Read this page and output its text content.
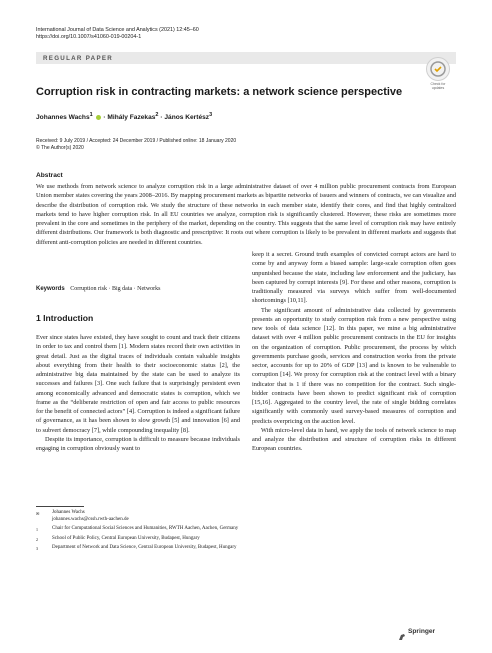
International Journal of Data Science and Analytics (2021) 12:45–60
https://doi.org/10.1007/s41060-019-00204-1
REGULAR PAPER
Check for updates
Corruption risk in contracting markets: a network science perspective
Johannes Wachs$^1$  · Mihály Fazekas$^2$ · János Kertész$^3$
Received: 9 July 2019 / Accepted: 24 December 2019 / Published online: 18 January 2020
© The Author(s) 2020
Abstract
We use methods from network science to analyze corruption risk in a large administrative dataset of over 4 million public procurement contracts from European Union member states covering the years 2008–2016. By mapping procurement markets as bipartite networks of issuers and winners of contracts, we can visualize and describe the distribution of corruption risk. We study the structure of these networks in each member state, identify their cores, and find that highly centralized markets tend to have higher corruption risk. In all EU countries we analyze, corruption risk is significantly clustered. However, these risks are sometimes more prevalent in the core and sometimes in the periphery of the market, depending on the country. This suggests that the same level of corruption risk may have entirely different distributions. Our framework is both diagnostic and prescriptive: It roots out where corruption is likely to be prevalent in different markets and suggests that different anti-corruption policies are needed in different countries.
Keywords Corruption risk · Big data · Networks
1 Introduction

Ever since states have existed, they have sought to count and track their citizens in order to tax and control them [1]. Modern states record their own activities in great detail. Just as the digital traces of individuals contain valuable insights about everything from their health to their socioeconomic status [2], the administrative big data maintained by the state can be used to analyze its successes and failures [3]. One such failure that is surprisingly persistent even among economically advanced and democratic states is corruption, which we frame as the “deliberate restriction of open and fair access to public resources for the benefit of connected actors” [4]. Corruption is indeed a significant failure of governance, as it has been shown to slow growth [5] and innovation [6] and to subvert democracy [7], while compounding inequality [8].

Despite its importance, corruption is difficult to measure because individuals engaging in corruption obviously want to

keep it a secret. Ground truth examples of convicted corrupt actors are hard to come by and anyway form a biased sample: large-scale corruption often goes unpunished because the state, including law enforcement and the judiciary, has been captured by corrupt interests [9]. For these and other reasons, corruption is traditionally measured via surveys which suffer from well-documented shortcomings [10,11].

The significant amount of administrative data collected by governments presents an opportunity to study corruption risk from a new perspective using new tools of data science [12]. In this paper, we mine a big administrative dataset with over 4 million public procurement contracts in the EU for insights on the organization of corruption. Public procurement, the process by which governments purchase goods, services and construction works from the private sector, accounts for up to 20% of GDP [13] and is known to be vulnerable to corruption [14]. We proxy for corruption risk at the contract level with a binary indicator that is 1 if there was no competition for the contract. Such single-bidder contracts have been shown to predict significant risk of corruption [15,16]. Aggregated to the country level, the rate of single bidding correlates significantly with commonly used survey-based measures of corruption and predicts overpricing on the auction level.

With micro-level data in hand, we apply the tools of network science to map and analyze the distribution and structure of corruption risks in different European countries.

✉	Johannes Wachs
johannes.wachs@cssh.rwth-aachen.de
1	Chair for Computational Social Sciences and Humanities, RWTH Aachen, Aachen, Germany
2	School of Public Policy, Central European University, Budapest, Hungary
3	Department of Network and Data Science, Central European University, Budapest, Hungary
Springer
